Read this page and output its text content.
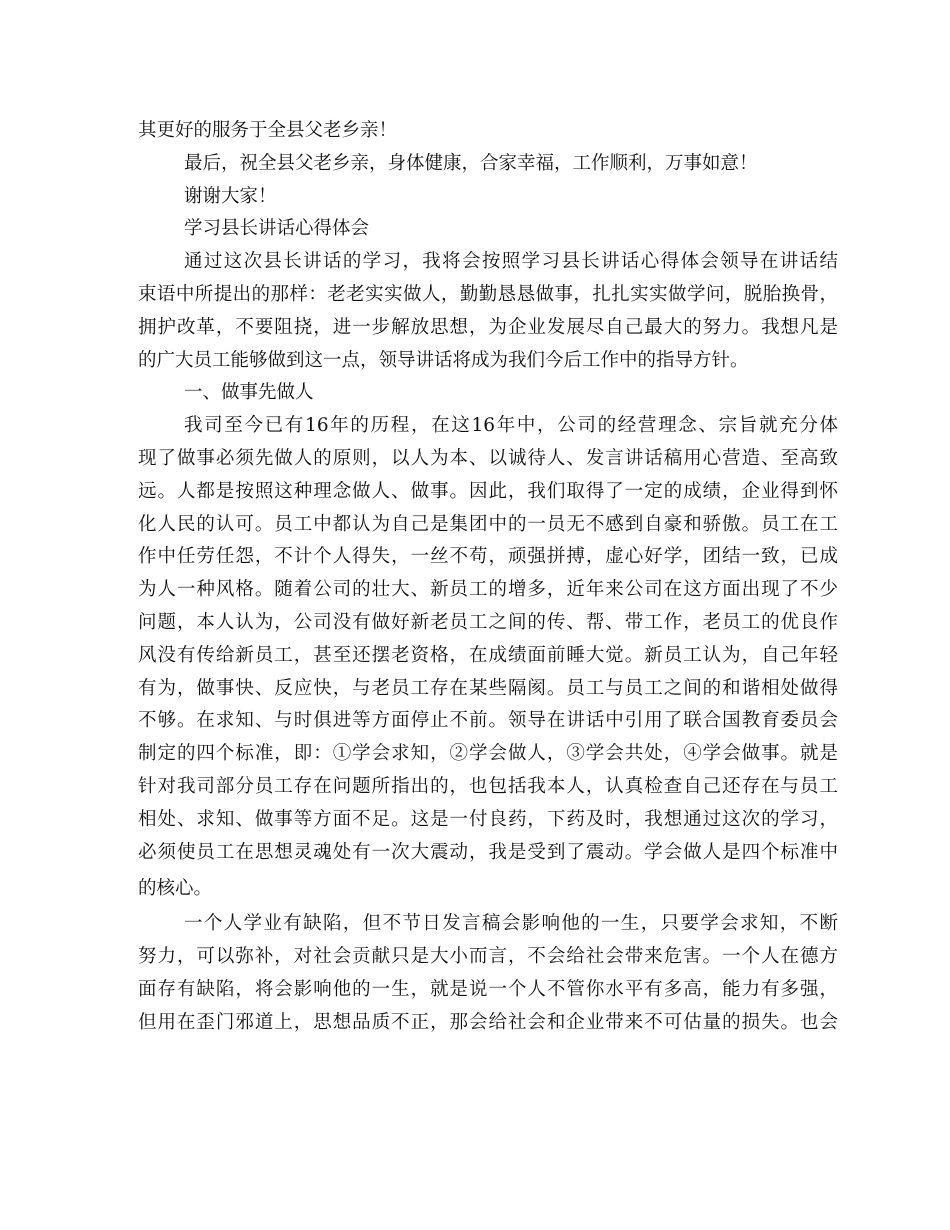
其更好的服务于全县父老乡亲！
最后，祝全县父老乡亲，身体健康，合家幸福，工作顺利，万事如意！
谢谢大家！
学习县长讲话心得体会
通过这次县长讲话的学习，我将会按照学习县长讲话心得体会领导在讲话结
束语中所提出的那样：老老实实做人，勤勤恳恳做事，扎扎实实做学问，脱胎换骨，
拥护改革，不要阻挠，进一步解放思想，为企业发展尽自己最大的努力。我想凡是
的广大员工能够做到这一点，领导讲话将成为我们今后工作中的指导方针。
一、做事先做人
我司至今已有16年的历程，在这16年中，公司的经营理念、宗旨就充分体
现了做事必须先做人的原则，以人为本、以诚待人、发言讲话稿用心营造、至高致
远。人都是按照这种理念做人、做事。因此，我们取得了一定的成绩，企业得到怀
化人民的认可。员工中都认为自己是集团中的一员无不感到自豪和骄傲。员工在工
作中任劳任怨，不计个人得失，一丝不苟，顽强拼搏，虚心好学，团结一致，已成
为人一种风格。随着公司的壮大、新员工的增多，近年来公司在这方面出现了不少
问题，本人认为，公司没有做好新老员工之间的传、帮、带工作，老员工的优良作
风没有传给新员工，甚至还摆老资格，在成绩面前睡大觉。新员工认为，自己年轻
有为，做事快、反应快，与老员工存在某些隔阂。员工与员工之间的和谐相处做得
不够。在求知、与时俱进等方面停止不前。领导在讲话中引用了联合国教育委员会
制定的四个标准，即：①学会求知，②学会做人，③学会共处，④学会做事。就是
针对我司部分员工存在问题所指出的，也包括我本人，认真检查自己还存在与员工
相处、求知、做事等方面不足。这是一付良药，下药及时，我想通过这次的学习，
必须使员工在思想灵魂处有一次大震动，我是受到了震动。学会做人是四个标准中
的核心。
一个人学业有缺陷，但不节日发言稿会影响他的一生，只要学会求知，不断
努力，可以弥补，对社会贡献只是大小而言，不会给社会带来危害。一个人在德方
面存有缺陷，将会影响他的一生，就是说一个人不管你水平有多高，能力有多强，
但用在歪门邪道上，思想品质不正，那会给社会和企业带来不可估量的损失。也会
